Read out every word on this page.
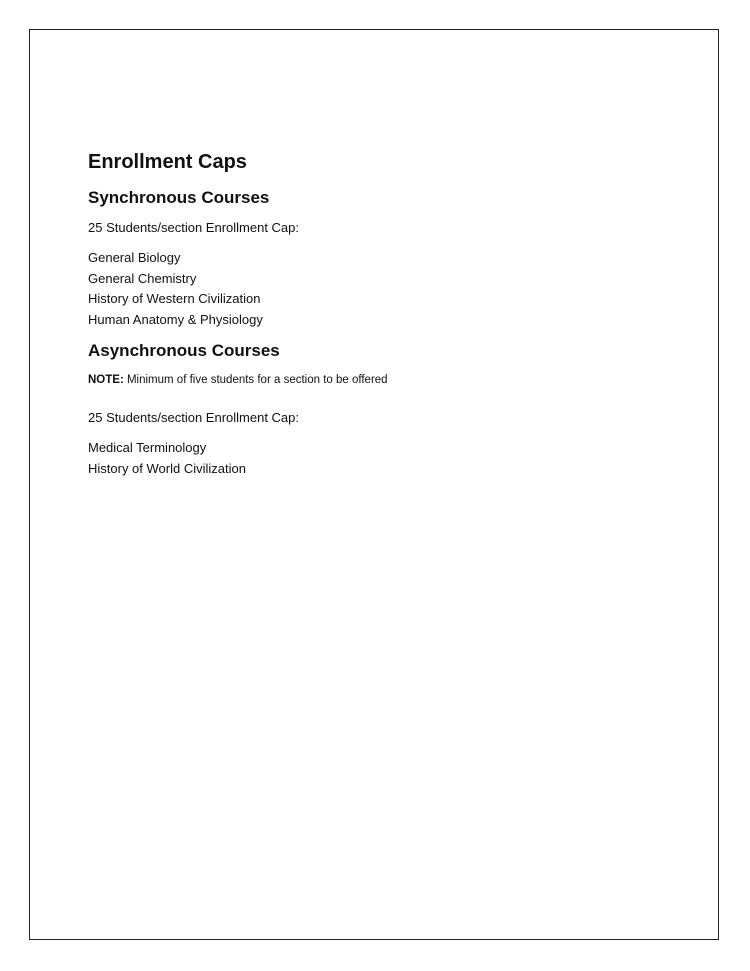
Enrollment Caps
Synchronous Courses
25 Students/section Enrollment Cap:
General Biology
General Chemistry
History of Western Civilization
Human Anatomy & Physiology
Asynchronous Courses
NOTE: Minimum of five students for a section to be offered
25 Students/section Enrollment Cap:
Medical Terminology
History of World Civilization
